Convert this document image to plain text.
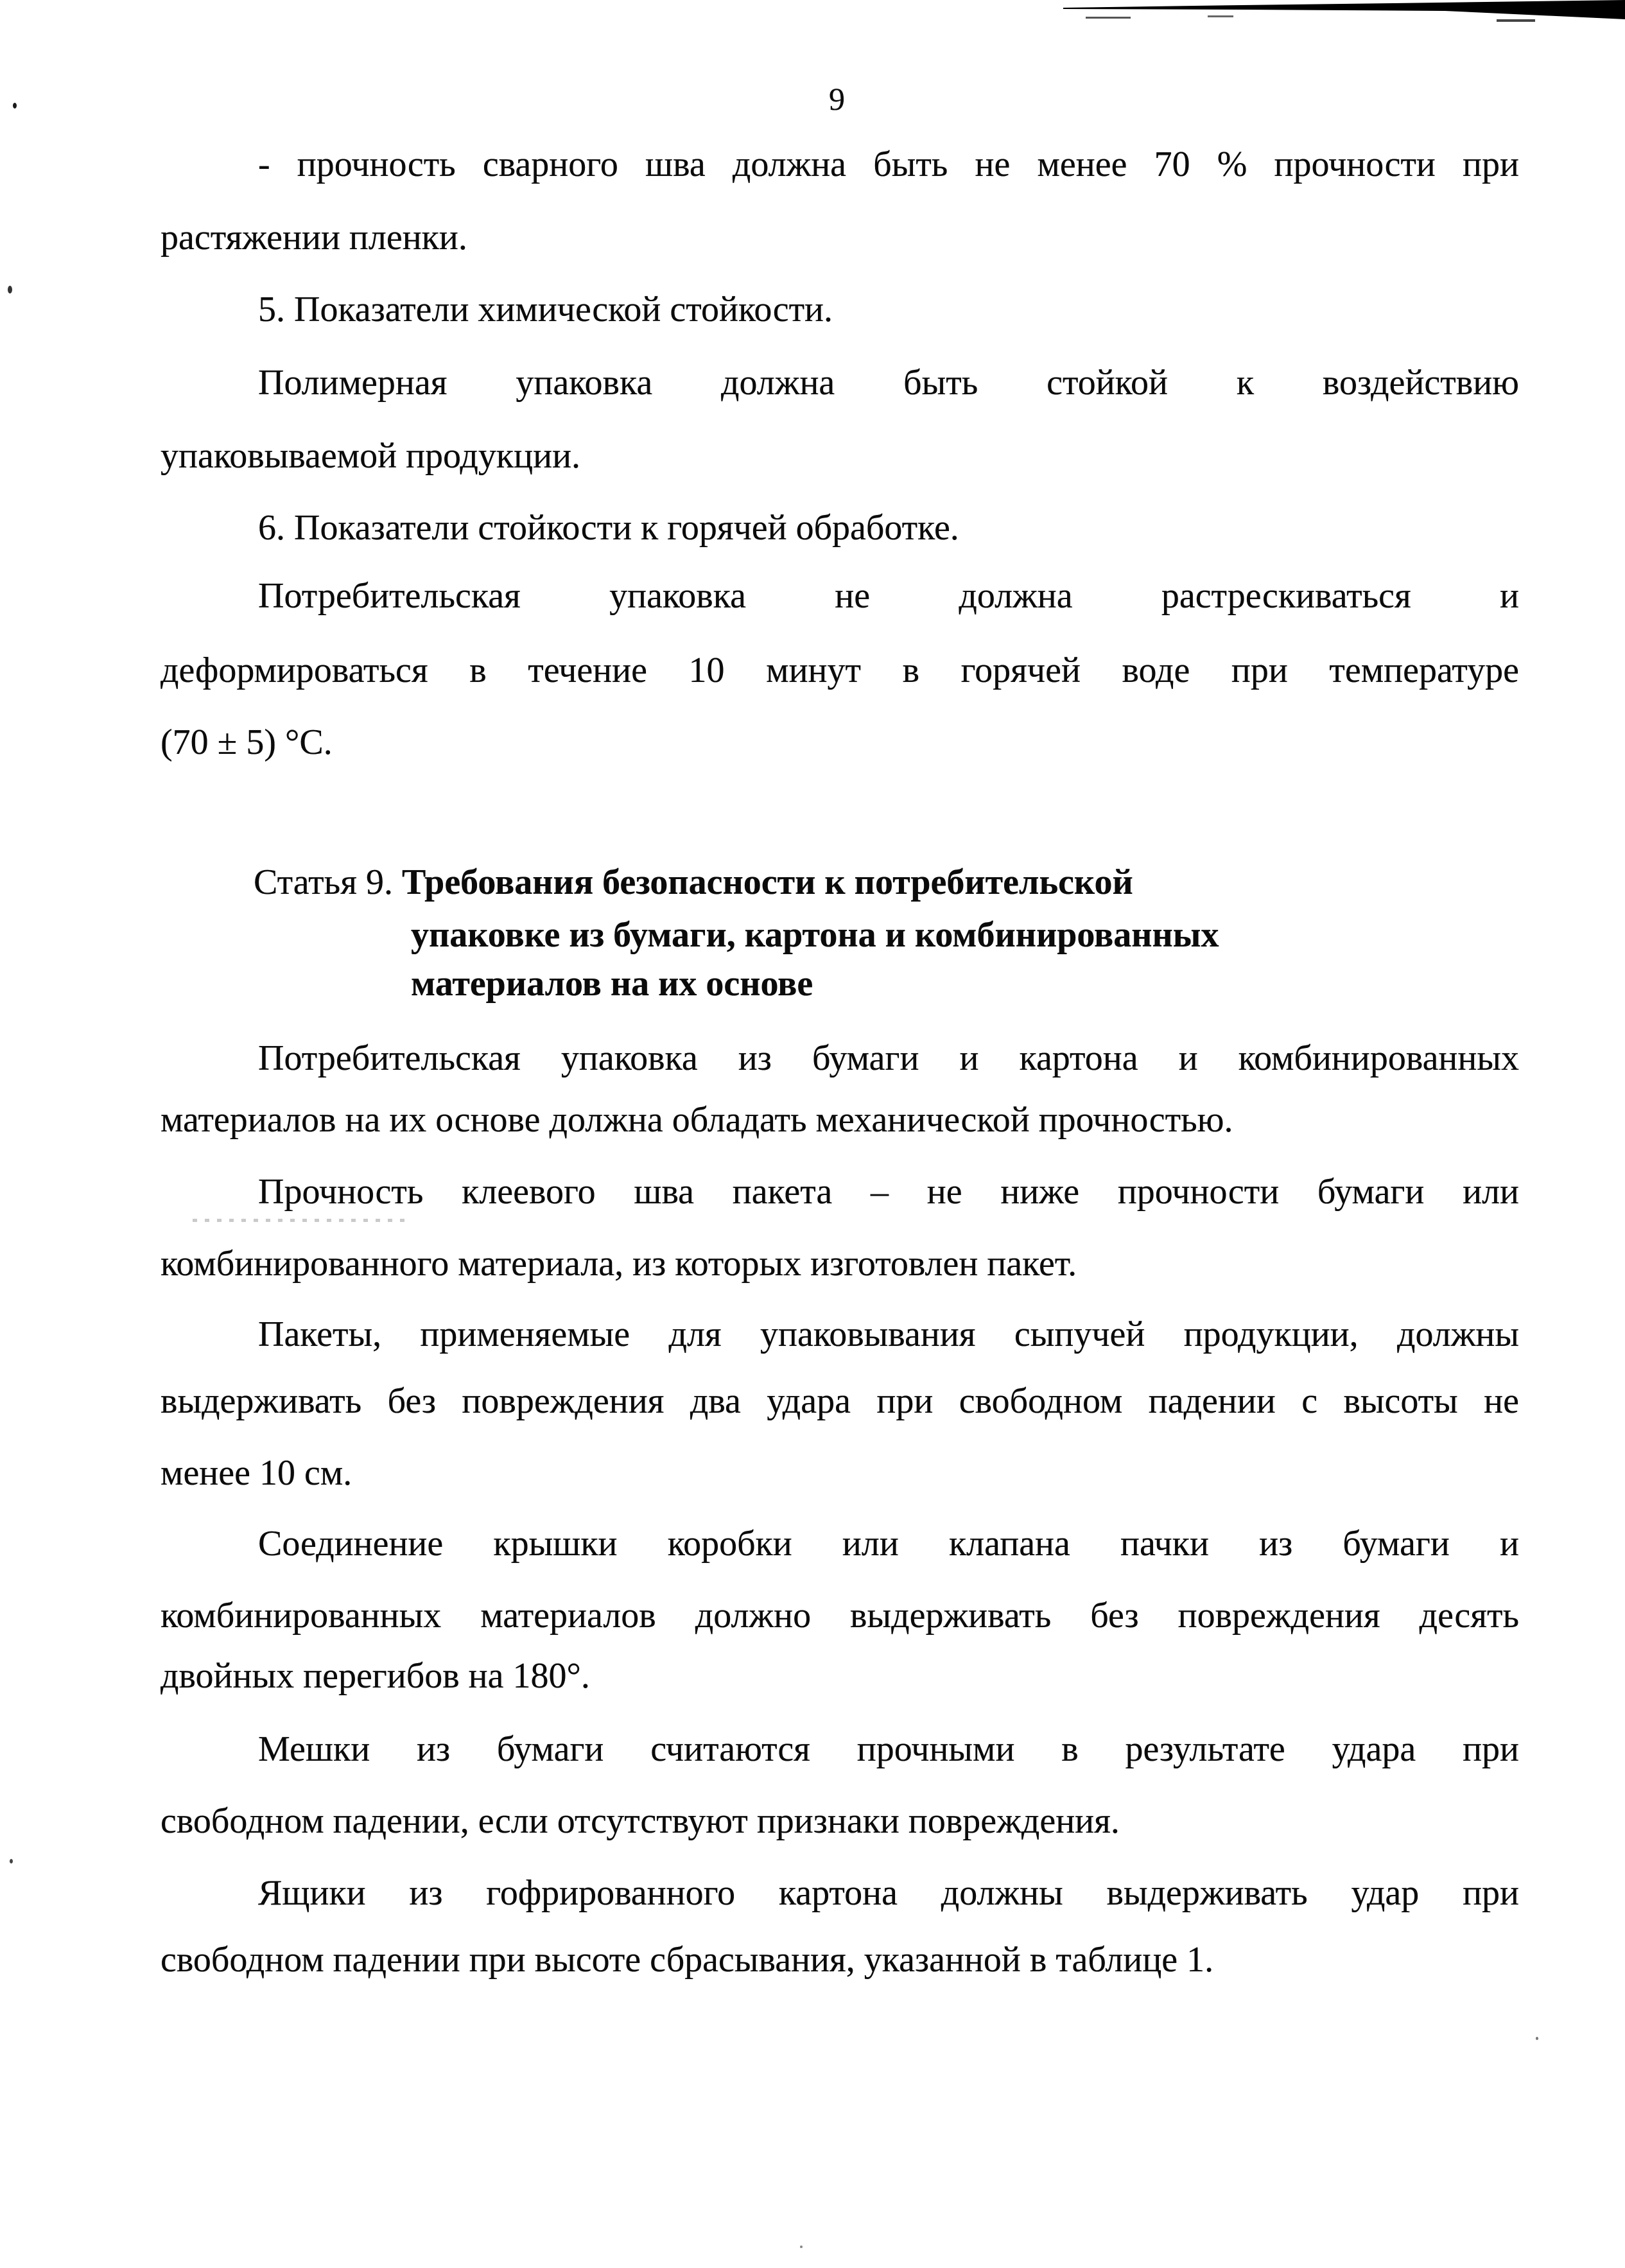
9
- прочность сварного шва должна быть не менее 70 % прочности при
растяжении пленки.
5. Показатели химической стойкости.
Полимерная упаковка должна быть стойкой к воздействию
упаковываемой продукции.
6. Показатели стойкости к горячей обработке.
Потребительская упаковка не должна растрескиваться и
деформироваться в течение 10 минут в горячей воде при температуре
(70 ± 5) °С.
Статья 9. Требования безопасности к потребительской
упаковке из бумаги, картона и комбинированных
материалов на их основе
Потребительская упаковка из бумаги и картона и комбинированных
материалов на их основе должна обладать механической прочностью.
Прочность клеевого шва пакета – не ниже прочности бумаги или
комбинированного материала, из которых изготовлен пакет.
Пакеты, применяемые для упаковывания сыпучей продукции, должны
выдерживать без повреждения два удара при свободном падении с высоты не
менее 10 см.
Соединение крышки коробки или клапана пачки из бумаги и
комбинированных материалов должно выдерживать без повреждения десять
двойных перегибов на 180°.
Мешки из бумаги считаются прочными в результате удара при
свободном падении, если отсутствуют признаки повреждения.
Ящики из гофрированного картона должны выдерживать удар при
свободном падении при высоте сбрасывания, указанной в таблице 1.
